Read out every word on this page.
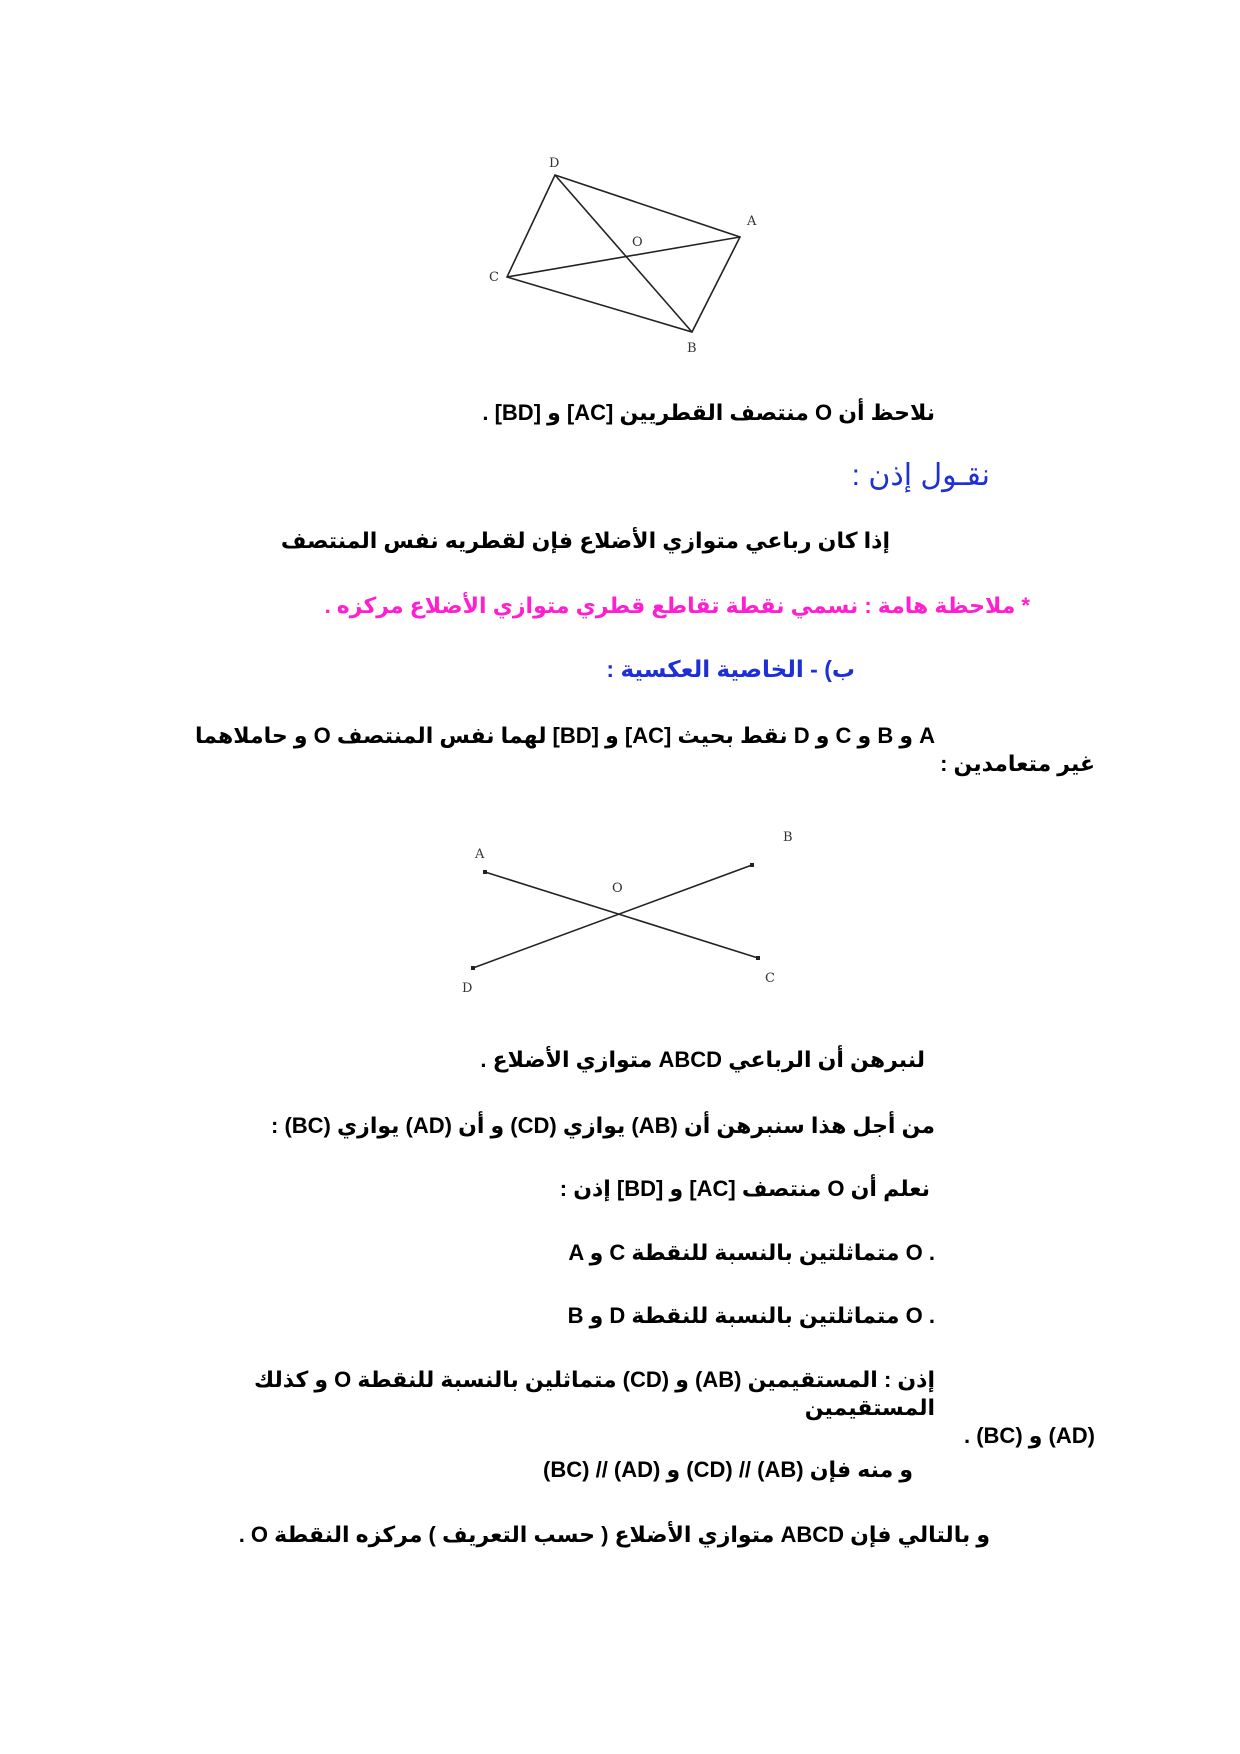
D
A
O
C
B
نلاحظ أن O منتصف القطريين [AC] و [BD] .
نقـول إذن :
إذا كان رباعي متوازي الأضلاع فإن لقطريه نفس المنتصف
* ملاحظة هامة : نسمي نقطة تقاطع قطري متوازي الأضلاع مركزه .
ب) - الخاصية العكسية :
A و B و C و D نقط بحيث [AC] و [BD] لهما نفس المنتصف O و حاملاهما
غير متعامدين :
A
B
O
C
D
لنبرهن أن الرباعي ABCD متوازي الأضلاع .
من أجل هذا سنبرهن أن (AB) يوازي (CD) و أن (AD) يوازي (BC) :
نعلم أن O منتصف [AC] و [BD] إذن :
A و C متماثلتين بالنسبة للنقطة O .
B و D متماثلتين بالنسبة للنقطة O .
إذن : المستقيمين (AB) و (CD) متماثلين بالنسبة للنقطة O و كذلك المستقيمين
(AD) و (BC) .
و منه فإن (AB) // (CD) و (AD) // (BC)
و بالتالي فإن ABCD متوازي الأضلاع ( حسب التعريف ) مركزه النقطة O .
